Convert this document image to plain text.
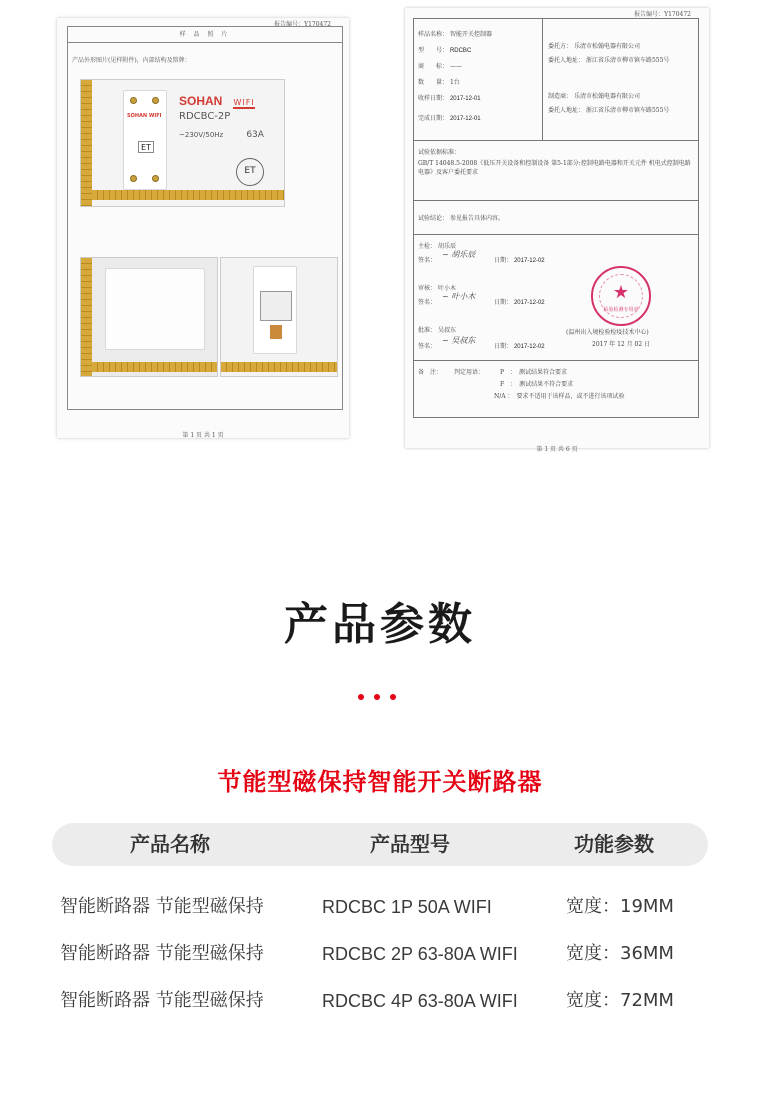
报告编号：Y170472
样 品 照 片
产品外形图片(见样附件)，内部结构及铭牌：
SOHAN WIFI
ET
SOHAN WIFI
RDCBC-2P
~230V/50Hz	63A
ET
第 1 页 共 1 页
报告编号：Y170472
样品名称： 智能开关控制器
型　　号： RDCBC
商　　标： ——
数　　量： 1台
收样日期： 2017-12-01
完成日期： 2017-12-01
委托方： 乐清市松翰电器有限公司
委托人地址： 浙江省乐清市柳市镇车路555号
制造商： 乐清市松翰电器有限公司
委托人地址： 浙江省乐清市柳市镇车路555号
试验依据标准：
GB/T 14048.5-2008《低压开关设备和控制设备 第5-1部分:控制电路电器和开关元件 机电式控制电路电器》及客户委托要求
试验结论： 参见报告具体内容。
主检： 胡乐辰
签名：
~ 胡乐辰
日期： 2017-12-02
审核： 叶小木
签名：
~ 叶小木
日期： 2017-12-02
批准： 吴叔东
签名：
~ 吴叔东
日期： 2017-12-02
(温州出入境检验检疫技术中心)
2017 年 12 月 02 日
备　注： 判定用语：	P　：　测试结果符合要求
F　：　测试结果不符合要求
N/A ：　要求不适用于该样品，或不进行该项试验
★
检验检测专用章
第 1 页 共 6 页
产品参数
节能型磁保持智能开关断路器
产品名称	产品型号	功能参数
智能断路器 节能型磁保持	RDCBC 1P 50A WIFI	宽度：19MM
智能断路器 节能型磁保持	RDCBC 2P 63-80A WIFI	宽度：36MM
智能断路器 节能型磁保持	RDCBC 4P 63-80A WIFI	宽度：72MM
